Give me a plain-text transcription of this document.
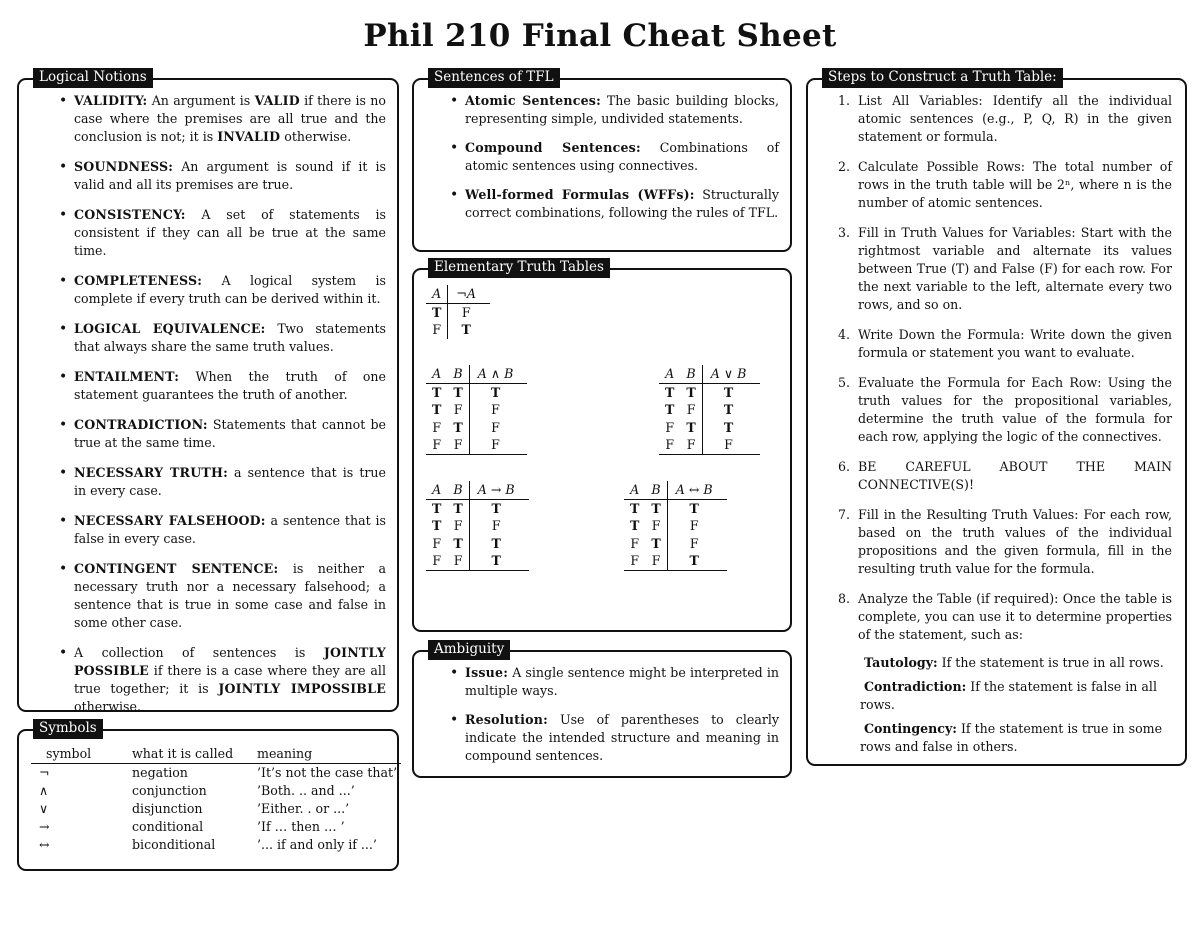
Phil 210 Final Cheat Sheet
Logical Notions
• VALIDITY: An argument is VALID if there is no case where the premises are all true and the conclusion is not; it is INVALID otherwise.
• SOUNDNESS: An argument is sound if it is valid and all its premises are true.
• CONSISTENCY: A set of statements is consistent if they can all be true at the same time.
• COMPLETENESS: A logical system is complete if every truth can be derived within it.
• LOGICAL EQUIVALENCE: Two statements that always share the same truth values.
• ENTAILMENT: When the truth of one statement guarantees the truth of another.
• CONTRADICTION: Statements that cannot be true at the same time.
• NECESSARY TRUTH: a sentence that is true in every case.
• NECESSARY FALSEHOOD: a sentence that is false in every case.
• CONTINGENT SENTENCE: is neither a necessary truth nor a necessary falsehood; a sentence that is true in some case and false in some other case.
• A collection of sentences is JOINTLY POSSIBLE if there is a case where they are all true together; it is JOINTLY IMPOSSIBLE otherwise.
Symbols
symbol	what it is called	meaning
¬	negation	’It’s not the case that’
∧	conjunction	’Both. .. and ...’
∨	disjunction	’Either. . or ...’
→	conditional	’If … then … ’
↔	biconditional	’... if and only if ...’
Sentences of TFL
• Atomic Sentences: The basic building blocks, representing simple, undivided statements.
• Compound Sentences: Combinations of atomic sentences using connectives.
• Well-formed Formulas (WFFs): Structurally correct combinations, following the rules of TFL.
Elementary Truth Tables
A	¬A
T	F
F	T
A	B	A ∧ B
T	T	T
T	F	F
F	T	F
F	F	F
A	B	A ∨ B
T	T	T
T	F	T
F	T	T
F	F	F
A	B	A → B
T	T	T
T	F	F
F	T	T
F	F	T
A	B	A ↔ B
T	T	T
T	F	F
F	T	F
F	F	T
Ambiguity
• Issue: A single sentence might be interpreted in multiple ways.
• Resolution: Use of parentheses to clearly indicate the intended structure and meaning in compound sentences.
Steps to Construct a Truth Table:
1. List All Variables: Identify all the individual atomic sentences (e.g., P, Q, R) in the given statement or formula.
2. Calculate Possible Rows: The total number of rows in the truth table will be 2ⁿ, where n is the number of atomic sentences.
3. Fill in Truth Values for Variables: Start with the rightmost variable and alternate its values between True (T) and False (F) for each row. For the next variable to the left, alternate every two rows, and so on.
4. Write Down the Formula: Write down the given formula or statement you want to evaluate.
5. Evaluate the Formula for Each Row: Using the truth values for the propositional variables, determine the truth value of the formula for each row, applying the logic of the connectives.
6. BE CAREFUL ABOUT THE MAIN CONNECTIVE(S)!
7. Fill in the Resulting Truth Values: For each row, based on the truth values of the individual propositions and the given formula, fill in the resulting truth value for the formula.
8. Analyze the Table (if required): Once the table is complete, you can use it to determine properties of the statement, such as:
Tautology: If the statement is true in all rows.
Contradiction: If the statement is false in all rows.
Contingency: If the statement is true in some rows and false in others.
